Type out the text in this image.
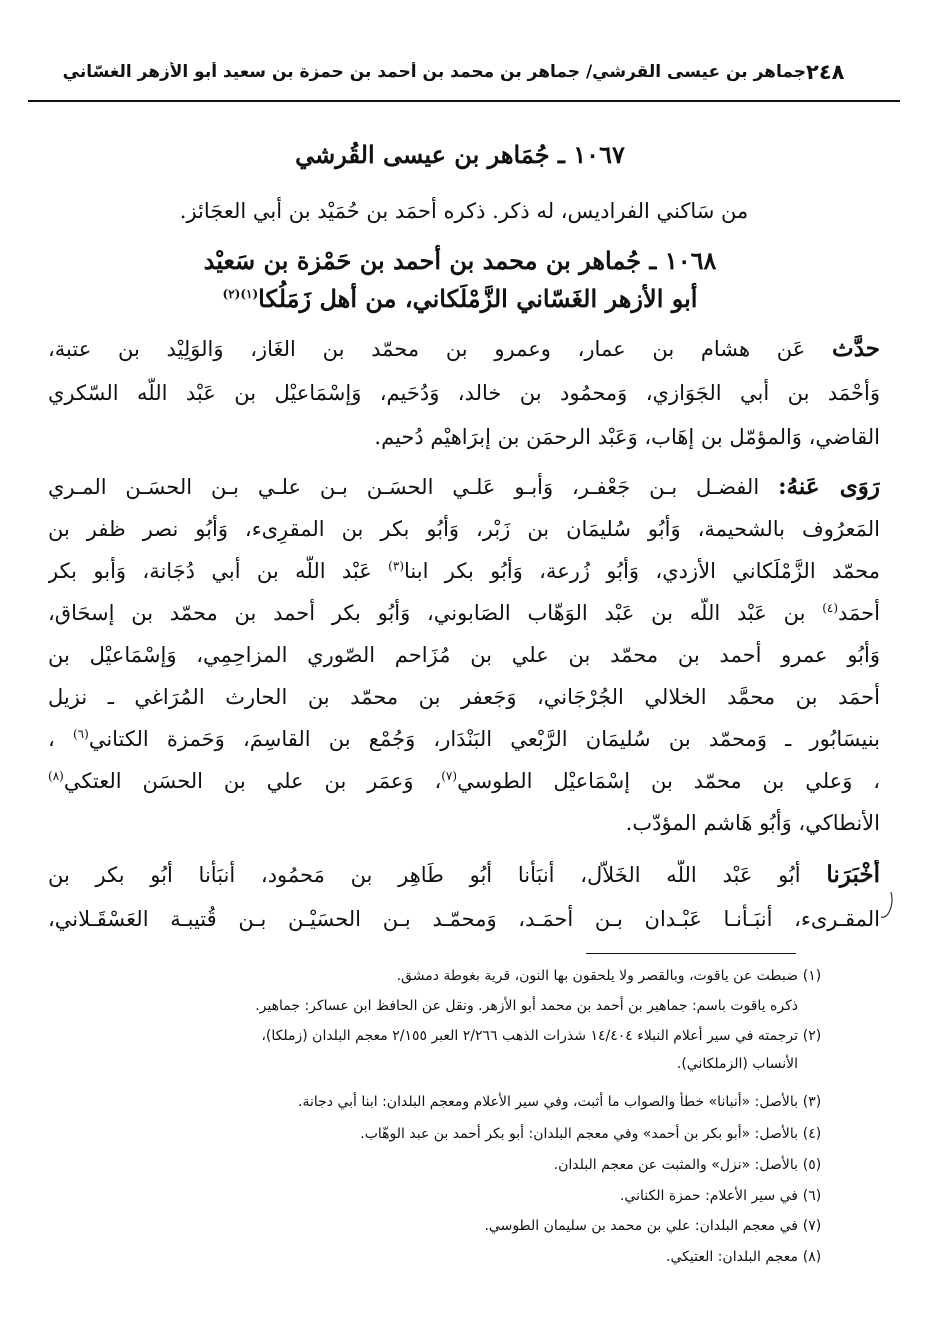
٢٤٨
جماهر بن عيسى القرشي/ جماهر بن محمد بن أحمد بن حمزة بن سعيد أبو الأزهر الغسّاني
١٠٦٧ ـ جُمَاهر بن عيسى القُرشي
من سَاكني الفراديس، له ذكر. ذكره أحمَد بن حُمَيْد بن أبي العجَائز.
١٠٦٨ ـ جُماهر بن محمد بن أحمد بن حَمْزة بن سَعيْد
أبو الأزهر الغَسّاني الزَّمْلَكاني، من أهل زَمَلُكا$^{(١)(٢)}$
حدَّث عَن هشام بن عمار، وعمرو بن محمّد بن الغَاز، وَالوَلِيْد بن عتبة،
وَأحْمَد بن أبي الجَوَازي، وَمحمُود بن خالد، وَدُحَيم، وَإسْمَاعيْل بن عَبْد اللّه السّكري
القاضي، وَالمؤمّل بن إهَاب، وَعَبْد الرحمَن بن إبرَاهيْم دُحيم.
رَوَى عَنهُ: الفضـل بـن جَعْفـر، وَأبـو عَلـي الحسَـن بـن علـي بـن الحسَـن المـري
المَعرُوف بالشحيمة، وَأبُو سُليمَان بن زَبْر، وَأبُو بكر بن المقرِىء، وَأبُو نصر ظفر بن
محمّد الزَّمْلَكاني الأزدي، وَأبُو زُرعة، وَأبُو بكر ابنا$^{(٣)}$ عَبْد اللّه بن أبي دُجَانة، وَأبو بكر
أحمَد$^{(٤)}$ بن عَبْد اللّه بن عَبْد الوَهّاب الصَابوني، وَأبُو بكر أحمد بن محمّد بن إسحَاق،
وَأبُو عمرو أحمد بن محمّد بن علي بن مُزَاحم الصّوري المزاحِمِي، وَإسْمَاعيْل بن
أحمَد بن محمَّد الخلالي الجُرْجَاني، وَجَعفر بن محمّد بن الحارث المُرَاغي ـ نزيل
بنيسَابُور ـ وَمحمّد بن سُليمَان الرَّبْعي البَنْدَار، وَجُمْع بن القاسِمَ، وَحَمزة الكتاني$^{(٦)}$ ،
، وَعلي بن محمّد بن إسْمَاعيْل الطوسي$^{(٧)}$، وَعمَر بن علي بن الحسَن العتكي$^{(٨)}$
الأنطاكي، وَأبُو هَاشم المؤدّب.
أَخْبَرَنا أبُو عَبْد اللّه الخَلاّل، أنبَأنا أبُو طَاهِر بن مَحمُود، أنبَأنا أبُو بكر بن
المقـرىء، أنبَـأنـا عَبْـدان بـن أحمَـد، وَمحمّـد بـن الحسَيْـن بـن قُتيبـة العَسْقَـلاني،
(١)
ضبطت عن ياقوت، وبالقصر ولا يلحقون بها النون، قرية بغوطة دمشق.
ذكره ياقوت باسم: جماهير بن أحمد بن محمد أبو الأزهر. ونقل عن الحافظ ابن عساكر: جماهير.
(٢)
ترجمته في سير أعلام النبلاء ١٤/٤٠٤ شذرات الذهب ٢/٢٦٦ العبر ٢/١٥٥ معجم البلدان (زملكا)،
الأنساب (الزملكاني).
(٣)
بالأصل: «أنبانا» خطأ والصواب ما أثبت، وفي سير الأعلام ومعجم البلدان: ابنا أبي دجانة.
(٤)
بالأصل: «أبو بكر بن أحمد» وفي معجم البلدان: أبو بكر أحمد بن عبد الوهّاب.
(٥)
بالأصل: «نزل» والمثبت عن معجم البلدان.
(٦)
في سير الأعلام: حمزة الكناني.
(٧)
في معجم البلدان: علي بن محمد بن سليمان الطوسي.
(٨)
معجم البلدان: العتيكي.
